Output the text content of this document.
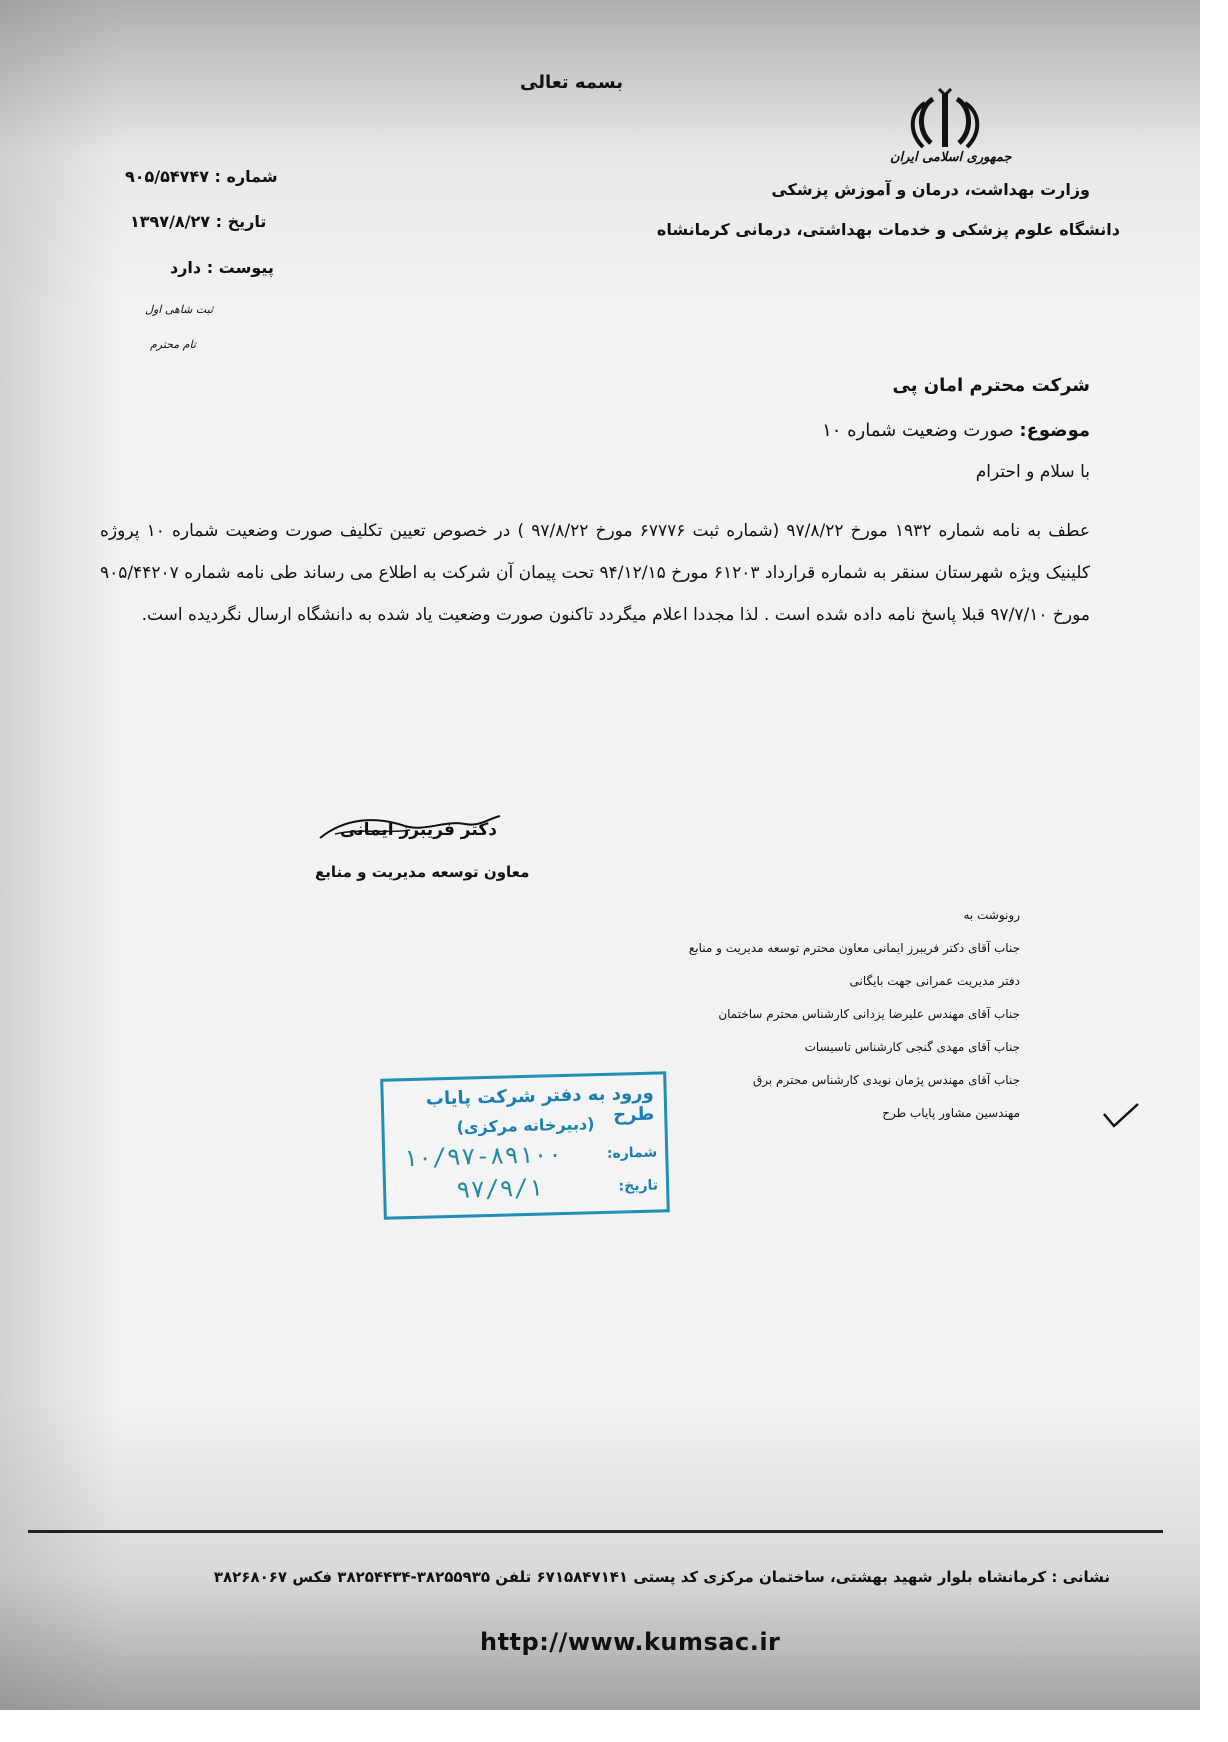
بسمه تعالی
جمهوری اسلامی ایران
وزارت بهداشت، درمان و آموزش پزشکی
دانشگاه علوم پزشکی و خدمات بهداشتی، درمانی کرمانشاه
شماره : ۹۰۵/۵۴۷۴۷
تاریخ : ۱۳۹۷/۸/۲۷
پیوست : دارد
ثبت شاهی اول
تام محترم
شرکت محترم امان پی
موضوع: صورت وضعیت شماره ۱۰
با سلام و احترام
عطف به نامه شماره ۱۹۳۲ مورخ ۹۷/۸/۲۲ (شماره ثبت ۶۷۷۷۶ مورخ ۹۷/۸/۲۲ ) در خصوص تعیین تکلیف صورت وضعیت شماره ۱۰ پروژه کلینیک ویژه شهرستان سنقر به شماره قرارداد ۶۱۲۰۳ مورخ ۹۴/۱۲/۱۵ تحت پیمان آن شرکت به اطلاع می رساند طی نامه شماره ۹۰۵/۴۴۲۰۷ مورخ ۹۷/۷/۱۰ قبلا پاسخ نامه داده شده است . لذا مجددا اعلام میگردد تاکنون صورت وضعیت یاد شده به دانشگاه ارسال نگردیده است.
دکتر فریبرز ایمانی
معاون توسعه مدیریت و منابع
رونوشت به
جناب آقای دکتر فریبرز ایمانی معاون محترم توسعه مدیریت و منابع
دفتر مدیریت عمرانی جهت بایگانی
جناب آقای مهندس علیرضا یزدانی کارشناس محترم ساختمان
جناب آقای مهدی گنجی کارشناس تاسیسات
جناب آقای مهندس پژمان نویدی کارشناس محترم برق
مهندسین مشاور پایاب طرح
ورود به دفتر شرکت پایاب طرح
(دبیرخانه مرکزی)
شماره:
۱۰/۹۷-۸۹۱۰۰
تاریخ:
۹۷/۹/۱
نشانی : کرمانشاه بلوار شهید بهشتی، ساختمان مرکزی کد پستی ۶۷۱۵۸۴۷۱۴۱ تلفن ۳۸۲۵۵۹۳۵-۳۸۲۵۴۴۳۴ فکس ۳۸۲۶۸۰۶۷
http://www.kumsac.ir
